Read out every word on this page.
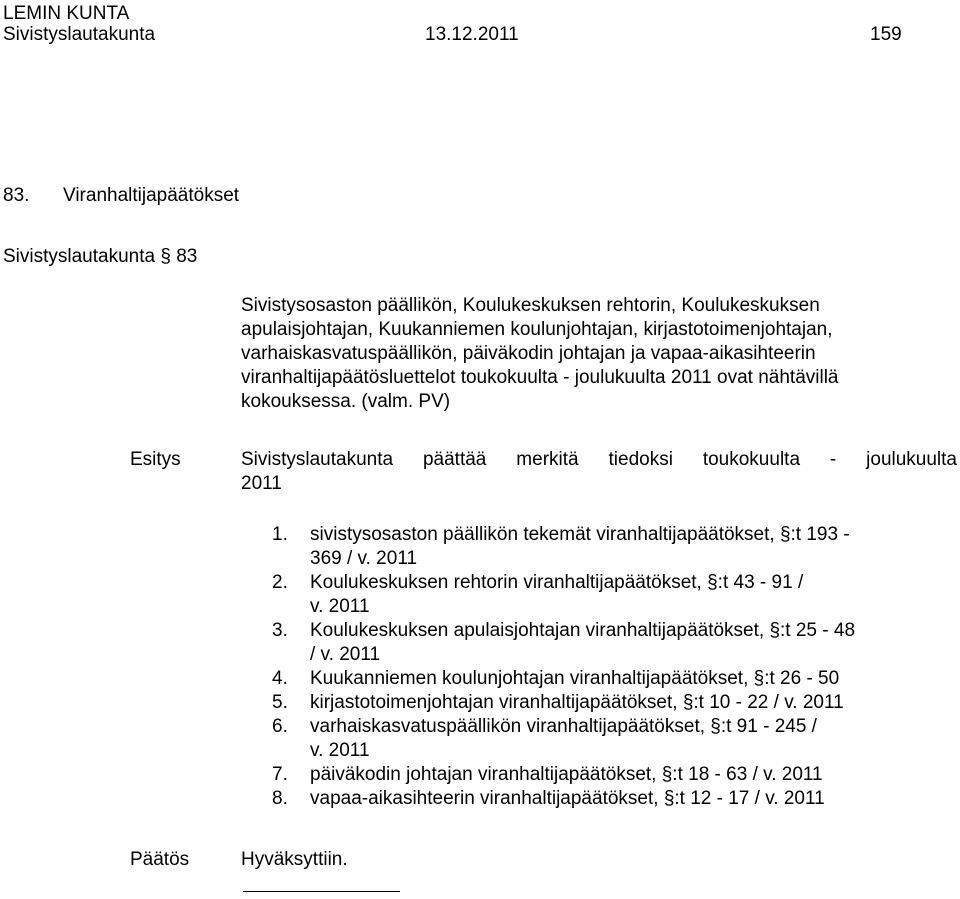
LEMIN KUNTA
Sivistyslautakunta	13.12.2011	159
83. Viranhaltijapäätökset
Sivistyslautakunta § 83
Sivistysosaston päällikön, Koulukeskuksen rehtorin, Koulukeskuksen
apulaisjohtajan, Kuukanniemen koulunjohtajan, kirjastotoimenjohtajan,
varhaiskasvatuspäällikön, päiväkodin johtajan ja vapaa-aikasihteerin
viranhaltijapäätösluettelot toukokuulta - joulukuulta 2011 ovat nähtävillä
kokouksessa. (valm. PV)
Esitys	Sivistyslautakunta päättää merkitä tiedoksi toukokuulta - joulukuulta
2011
1. sivistysosaston päällikön tekemät viranhaltijapäätökset, §:t 193 -
369 / v. 2011
2. Koulukeskuksen rehtorin viranhaltijapäätökset, §:t 43 - 91 /
v. 2011
3. Koulukeskuksen apulaisjohtajan viranhaltijapäätökset, §:t 25 - 48
/ v. 2011
4. Kuukanniemen koulunjohtajan viranhaltijapäätökset, §:t 26 - 50
5. kirjastotoimenjohtajan viranhaltijapäätökset, §:t 10 - 22 / v. 2011
6. varhaiskasvatuspäällikön viranhaltijapäätökset, §:t 91 - 245 /
v. 2011
7. päiväkodin johtajan viranhaltijapäätökset, §:t 18 - 63 / v. 2011
8. vapaa-aikasihteerin viranhaltijapäätökset, §:t 12 - 17 / v. 2011
Päätös	Hyväksyttiin.
